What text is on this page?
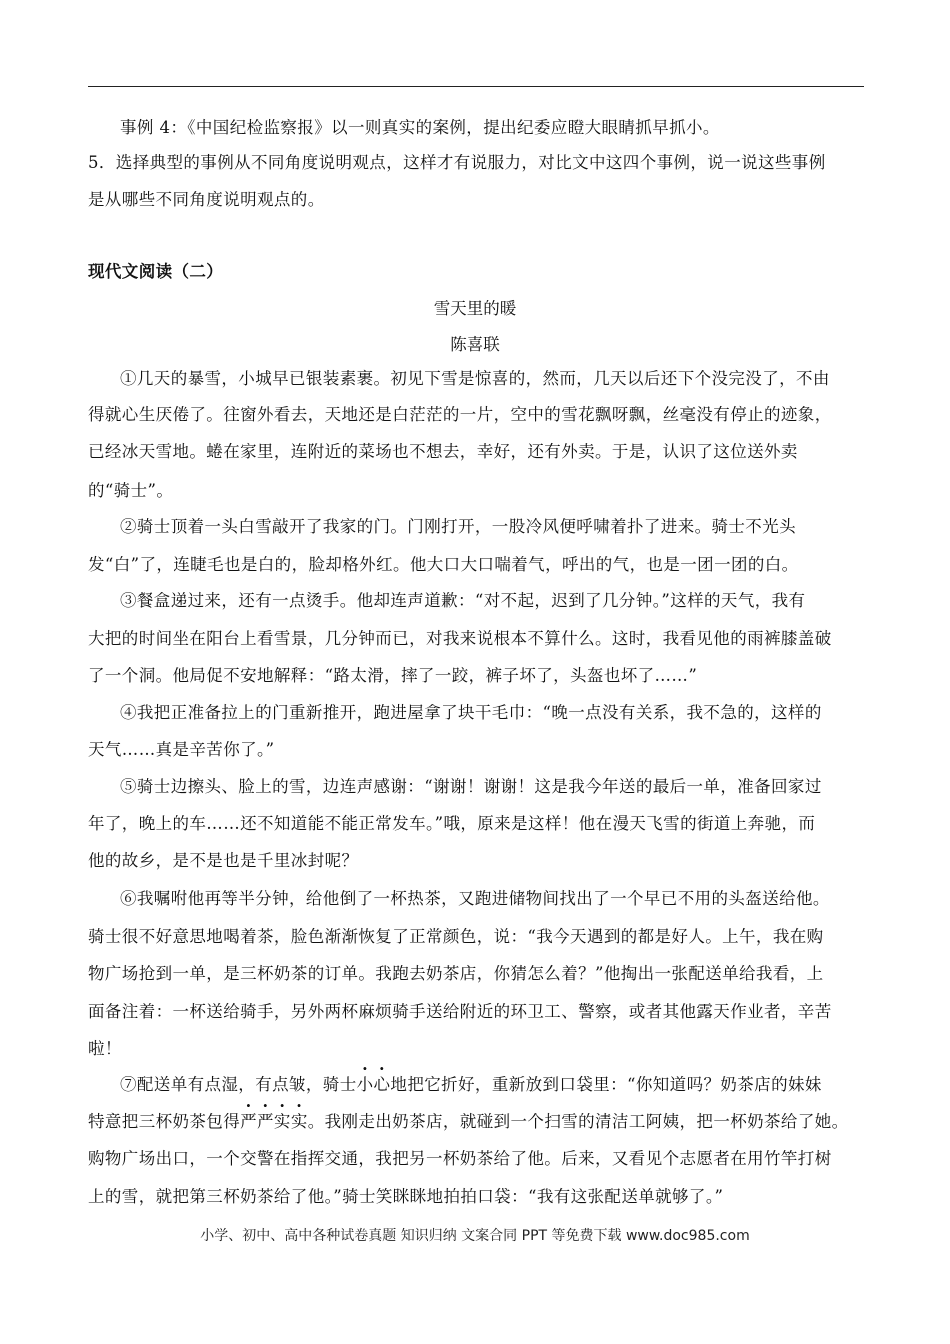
事例 4：《中国纪检监察报》以一则真实的案例，提出纪委应瞪大眼睛抓早抓小。
5．选择典型的事例从不同角度说明观点，这样才有说服力，对比文中这四个事例，说一说这些事例
是从哪些不同角度说明观点的。
现代文阅读（二）
雪天里的暖
陈喜联
①几天的暴雪，小城早已银装素裹。初见下雪是惊喜的，然而，几天以后还下个没完没了，不由
得就心生厌倦了。往窗外看去，天地还是白茫茫的一片，空中的雪花飘呀飘，丝毫没有停止的迹象，
已经冰天雪地。蜷在家里，连附近的菜场也不想去，幸好，还有外卖。于是，认识了这位送外卖
的“骑士”。
②骑士顶着一头白雪敲开了我家的门。门刚打开，一股冷风便呼啸着扑了进来。骑士不光头
发“白”了，连睫毛也是白的，脸却格外红。他大口大口喘着气，呼出的气，也是一团一团的白。
③餐盒递过来，还有一点烫手。他却连声道歉：“对不起，迟到了几分钟。”这样的天气，我有
大把的时间坐在阳台上看雪景，几分钟而已，对我来说根本不算什么。这时，我看见他的雨裤膝盖破
了一个洞。他局促不安地解释：“路太滑，摔了一跤，裤子坏了，头盔也坏了……”
④我把正准备拉上的门重新推开，跑进屋拿了块干毛巾：“晚一点没有关系，我不急的，这样的
天气……真是辛苦你了。”
⑤骑士边擦头、脸上的雪，边连声感谢：“谢谢！谢谢！这是我今年送的最后一单，准备回家过
年了，晚上的车……还不知道能不能正常发车。”哦，原来是这样！他在漫天飞雪的街道上奔驰，而
他的故乡，是不是也是千里冰封呢？
⑥我嘱咐他再等半分钟，给他倒了一杯热茶，又跑进储物间找出了一个早已不用的头盔送给他。
骑士很不好意思地喝着茶，脸色渐渐恢复了正常颜色，说：“我今天遇到的都是好人。上午，我在购
物广场抢到一单，是三杯奶茶的订单。我跑去奶茶店，你猜怎么着？”他掏出一张配送单给我看，上
面备注着：一杯送给骑手，另外两杯麻烦骑手送给附近的环卫工、警察，或者其他露天作业者，辛苦
啦！
⑦配送单有点湿，有点皱，骑士小心地把它折好，重新放到口袋里：“你知道吗？奶茶店的妹妹
特意把三杯奶茶包得严严实实。我刚走出奶茶店，就碰到一个扫雪的清洁工阿姨，把一杯奶茶给了她。
购物广场出口，一个交警在指挥交通，我把另一杯奶茶给了他。后来，又看见个志愿者在用竹竿打树
上的雪，就把第三杯奶茶给了他。”骑士笑眯眯地拍拍口袋：“我有这张配送单就够了。”
小学、初中、高中各种试卷真题 知识归纳 文案合同 PPT 等免费下载 www.doc985.com
